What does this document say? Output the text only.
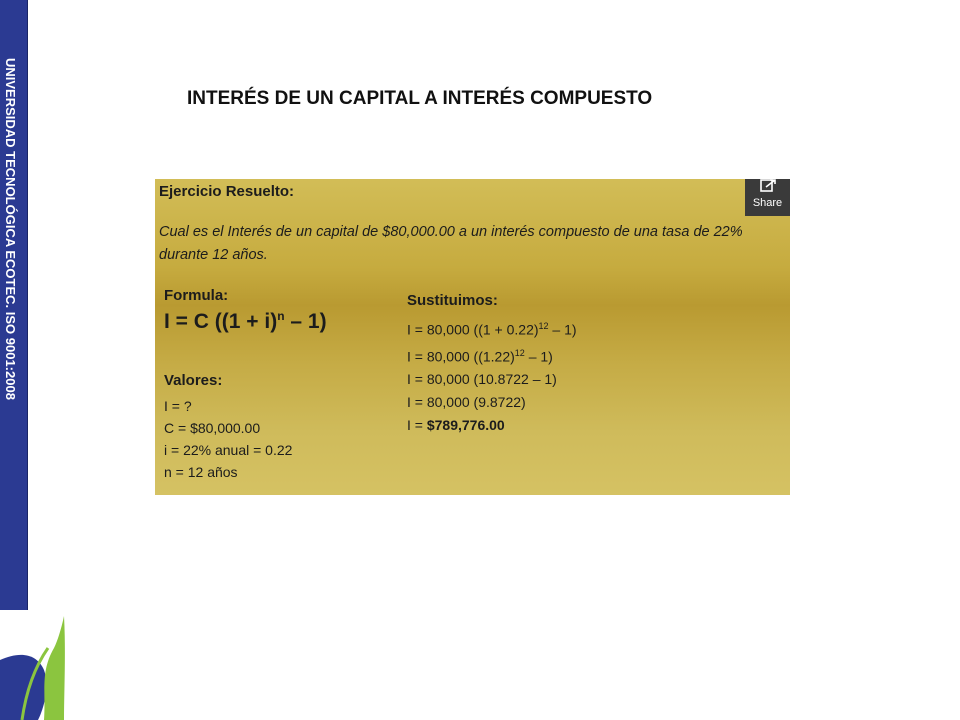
UNIVERSIDAD TECNOLÓGICA ECOTEC. ISO 9001:2008	INTERÉS DE UN CAPITAL A INTERÉS COMPUESTO
Ejercicio Resuelto:
Cual es el Interés de un capital de $80,000.00 a un interés compuesto de una tasa de 22% durante 12 años.
Formula:
I = C $((1 + i)^n - 1)$
Valores:
I = ?
C = $80,000.00
i = 22% anual = 0.22
n = 12 años
Sustituimos:
I = 80,000 $((1 + 0.22)^{12} - 1)$
I = 80,000 $((1.22)^{12} - 1)$
I = 80,000 (10.8722 – 1)
I = 80,000 (9.8722)
I = $789,776.00
Share
